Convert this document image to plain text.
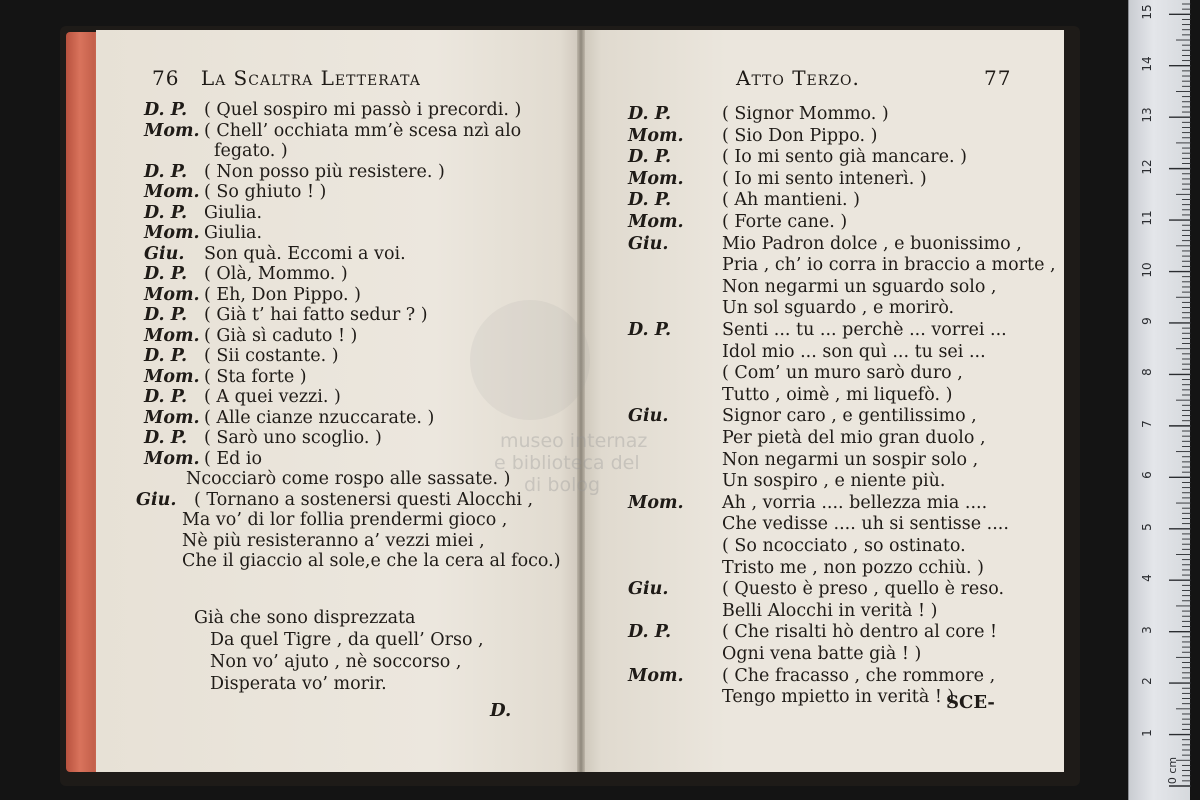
museo internaz
e biblioteca del
di bolog
76 La Scaltra Letterata	Atto Terzo.	77
D. P. ( Quel sospiro mi passò i precordi. )
Mom. ( Chell’ occhiata mm’è scesa nzì alo
fegato. )
D. P. ( Non posso più resistere. )
Mom. ( So ghiuto ! )
D. P. Giulia.
Mom. Giulia.
Giu. Son quà. Eccomi a voi.
D. P. ( Olà, Mommo. )
Mom. ( Eh, Don Pippo. )
D. P. ( Già t’ hai fatto sedur ? )
Mom. ( Già sì caduto ! )
D. P. ( Sii costante. )
Mom. ( Sta forte )
D. P. ( A quei vezzi. )
Mom. ( Alle cianze nzuccarate. )
D. P. ( Sarò uno scoglio. )
Mom. ( Ed io
Ncocciarò come rospo alle sassate. )
Giu. ( Tornano a sostenersi questi Alocchi ,
Ma vo’ di lor follia prendermi gioco ,
Nè più resisteranno a’ vezzi miei ,
Che il giaccio al sole,e che la cera al foco.)
Già che sono disprezzata
Da quel Tigre , da quell’ Orso ,
Non vo’ ajuto , nè soccorso ,
Disperata vo’ morir.
D.
D. P.	( Signor Mommo. )
Mom. ( Sio Don Pippo. )
D. P.	( Io mi sento già mancare. )
Mom. ( Io mi sento intenerì. )
D. P.	( Ah mantieni. )
Mom. ( Forte cane. )
Giu.	Mio Padron dolce , e buonissimo ,
Pria , ch’ io corra in braccio a morte ,
Non negarmi un sguardo solo ,
Un sol sguardo , e morirò.
D. P.	Senti ... tu ... perchè ... vorrei ...
Idol mio ... son quì ... tu sei ...
( Com’ un muro sarò duro ,
Tutto , oimè , mi liquefò. )
Giu.	Signor caro , e gentilissimo ,
Per pietà del mio gran duolo ,
Non negarmi un sospir solo ,
Un sospiro , e niente più.
Mom. Ah , vorria .... bellezza mia ....
Che vedisse .... uh si sentisse ....
( So ncocciato , so ostinato.
Tristo me , non pozzo cchiù. )
Giu.	( Questo è preso , quello è reso.
Belli Alocchi in verità ! )
D. P.	( Che risalti hò dentro al core !
Ogni vena batte già ! )
Mom. ( Che fracasso , che rommore ,
Tengo mpietto in verità ! )
SCE-
1
2
3
4
5
6
7
8
9
10
11
12
13
14
15
0 cm
